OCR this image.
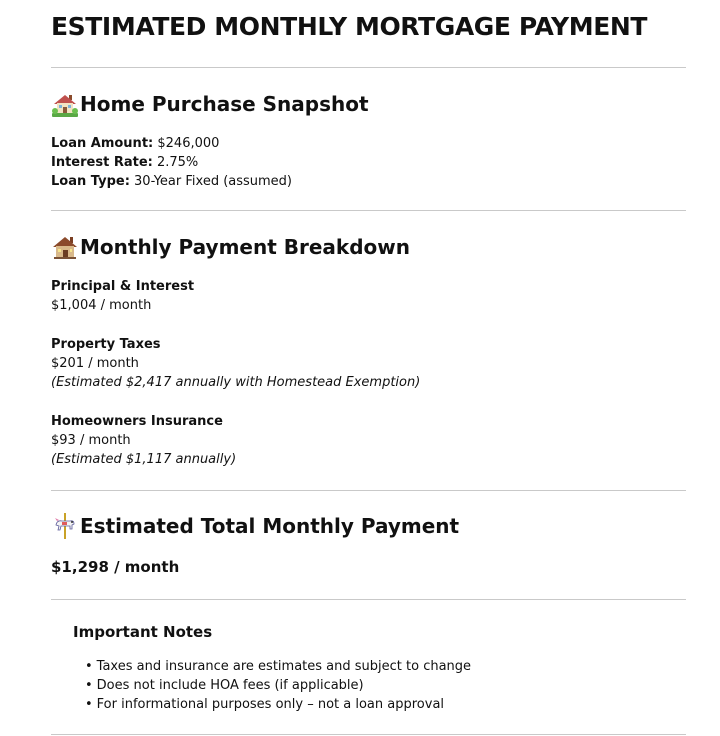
ESTIMATED MONTHLY MORTGAGE PAYMENT
Home Purchase Snapshot
Loan Amount: $246,000
Interest Rate: 2.75%
Loan Type: 30-Year Fixed (assumed)
Monthly Payment Breakdown
Principal & Interest
$1,004 / month
Property Taxes
$201 / month
(Estimated $2,417 annually with Homestead Exemption)
Homeowners Insurance
$93 / month
(Estimated $1,117 annually)
Estimated Total Monthly Payment
$1,298 / month
Important Notes
• Taxes and insurance are estimates and subject to change
• Does not include HOA fees (if applicable)
• For informational purposes only – not a loan approval
